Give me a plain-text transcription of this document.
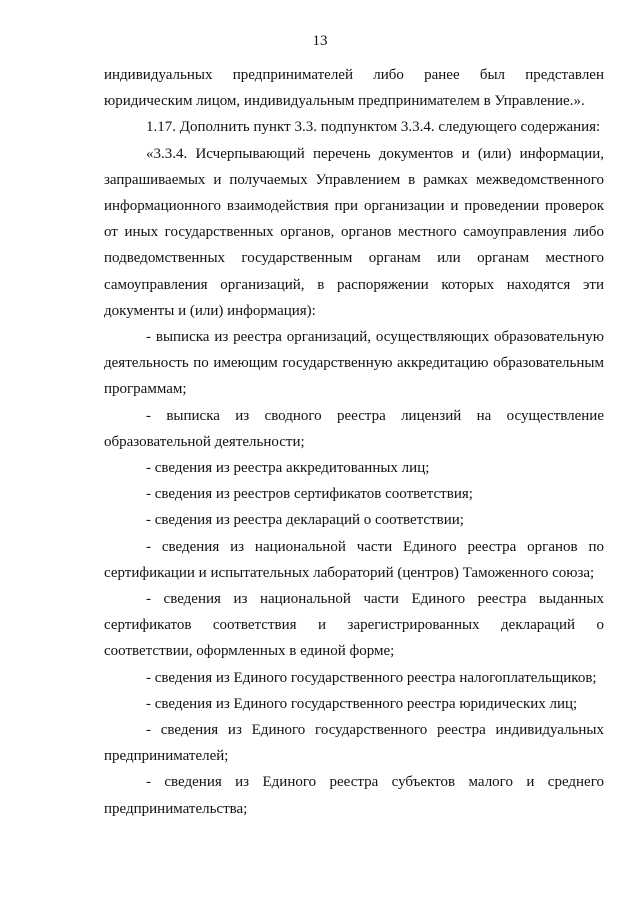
13

индивидуальных предпринимателей либо ранее был представлен юридическим лицом, индивидуальным предпринимателем в Управление.».

1.17. Дополнить пункт 3.3. подпунктом 3.3.4. следующего содержания:

«3.3.4. Исчерпывающий перечень документов и (или) информации, запрашиваемых и получаемых Управлением в рамках межведомственного информационного взаимодействия при организации и проведении проверок от иных государственных органов, органов местного самоуправления либо подведомственных государственным органам или органам местного самоуправления организаций, в распоряжении которых находятся эти документы и (или) информация):

- выписка из реестра организаций, осуществляющих образовательную деятельность по имеющим государственную аккредитацию образовательным программам;

- выписка из сводного реестра лицензий на осуществление образовательной деятельности;

- сведения из реестра аккредитованных лиц;

- сведения из реестров сертификатов соответствия;

- сведения из реестра деклараций о соответствии;

- сведения из национальной части Единого реестра органов по сертификации и испытательных лабораторий (центров) Таможенного союза;

- сведения из национальной части Единого реестра выданных сертификатов соответствия и зарегистрированных деклараций о соответствии, оформленных в единой форме;

- сведения из Единого государственного реестра налогоплательщиков;

- сведения из Единого государственного реестра юридических лиц;

- сведения из Единого государственного реестра индивидуальных предпринимателей;

- сведения из Единого реестра субъектов малого и среднего предпринимательства;
